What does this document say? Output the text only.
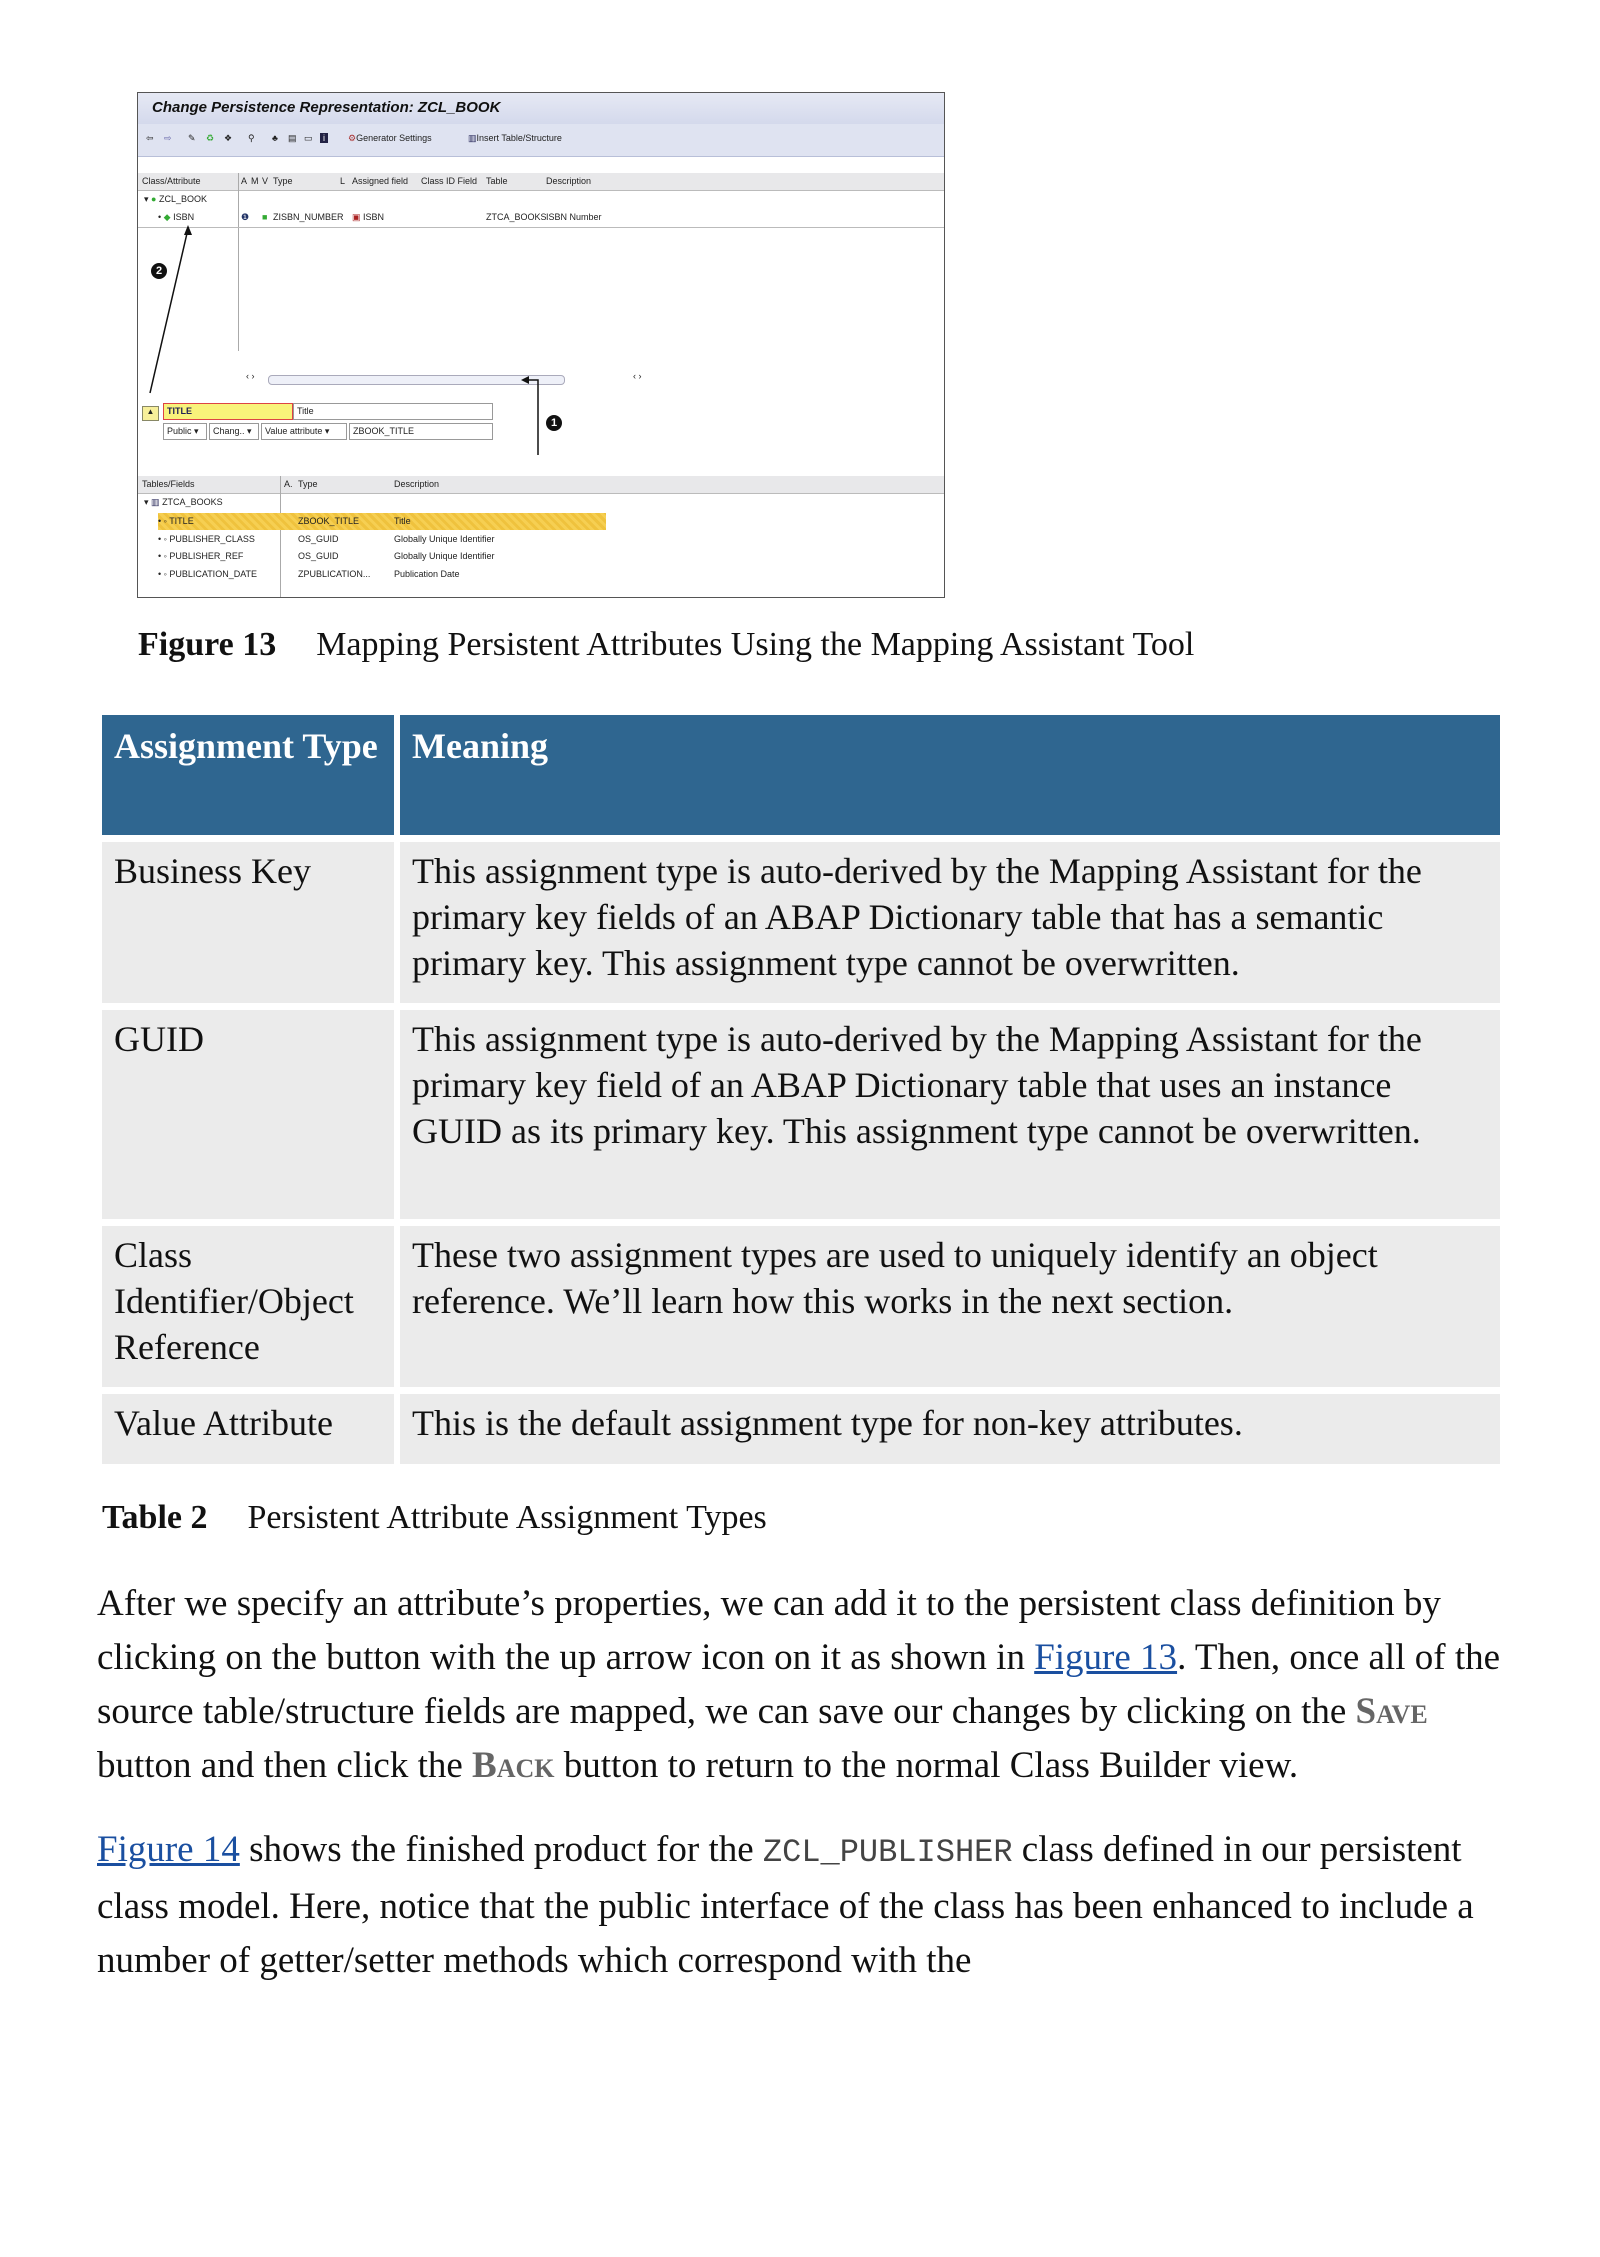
Change Persistence Representation: ZCL_BOOK
⇦ ⇨ ✎ ♻ ❖ ⚲ ♣ ▤ ▭	i	⚙Generator Settings	▥Insert Table/Structure
Class/Attribute	A M V Type	L Assigned field Class ID Field Table	Description
▾ ● ZCL_BOOK
• ◆ ISBN	❶ ■ ZISBN_NUMBER ▣ ISBN	ZTCA_BOOKS ISBN Number
‹ ›	‹ ›
2
1
▲	TITLE	Title
Public ▾	Chang.. ▾	Value attribute ▾	ZBOOK_TITLE
Tables/Fields	A. Type	Description
▾ ▥ ZTCA_BOOKS
• ◦ TITLE	ZBOOK_TITLE	Title
• ◦ PUBLISHER_CLASS	OS_GUID	Globally Unique Identifier
• ◦ PUBLISHER_REF	OS_GUID	Globally Unique Identifier
• ◦ PUBLICATION_DATE	ZPUBLICATION...	Publication Date
Figure 13 Mapping Persistent Attributes Using the Mapping Assistant Tool
Assignment Type	Meaning
Business Key	This assignment type is auto-derived by the Mapping Assistant for the primary key fields of an ABAP Dictionary table that has a semantic primary key. This assignment type cannot be overwritten.
GUID	This assignment type is auto-derived by the Mapping Assistant for the primary key field of an ABAP Dictionary table that uses an instance GUID as its primary key. This assignment type cannot be overwritten.
Class Identifier/Object Reference	These two assignment types are used to uniquely identify an object reference. We’ll learn how this works in the next section.
Value Attribute	This is the default assignment type for non-key attributes.
Table 2 Persistent Attribute Assignment Types
After we specify an attribute’s properties, we can add it to the persistent class definition by clicking on the button with the up arrow icon on it as shown in Figure 13. Then, once all of the source table/structure fields are mapped, we can save our changes by clicking on the Save button and then click the Back button to return to the normal Class Builder view.
Figure 14 shows the finished product for the ZCL_PUBLISHER class defined in our persistent class model. Here, notice that the public interface of the class has been enhanced to include a number of getter/setter methods which correspond with the
